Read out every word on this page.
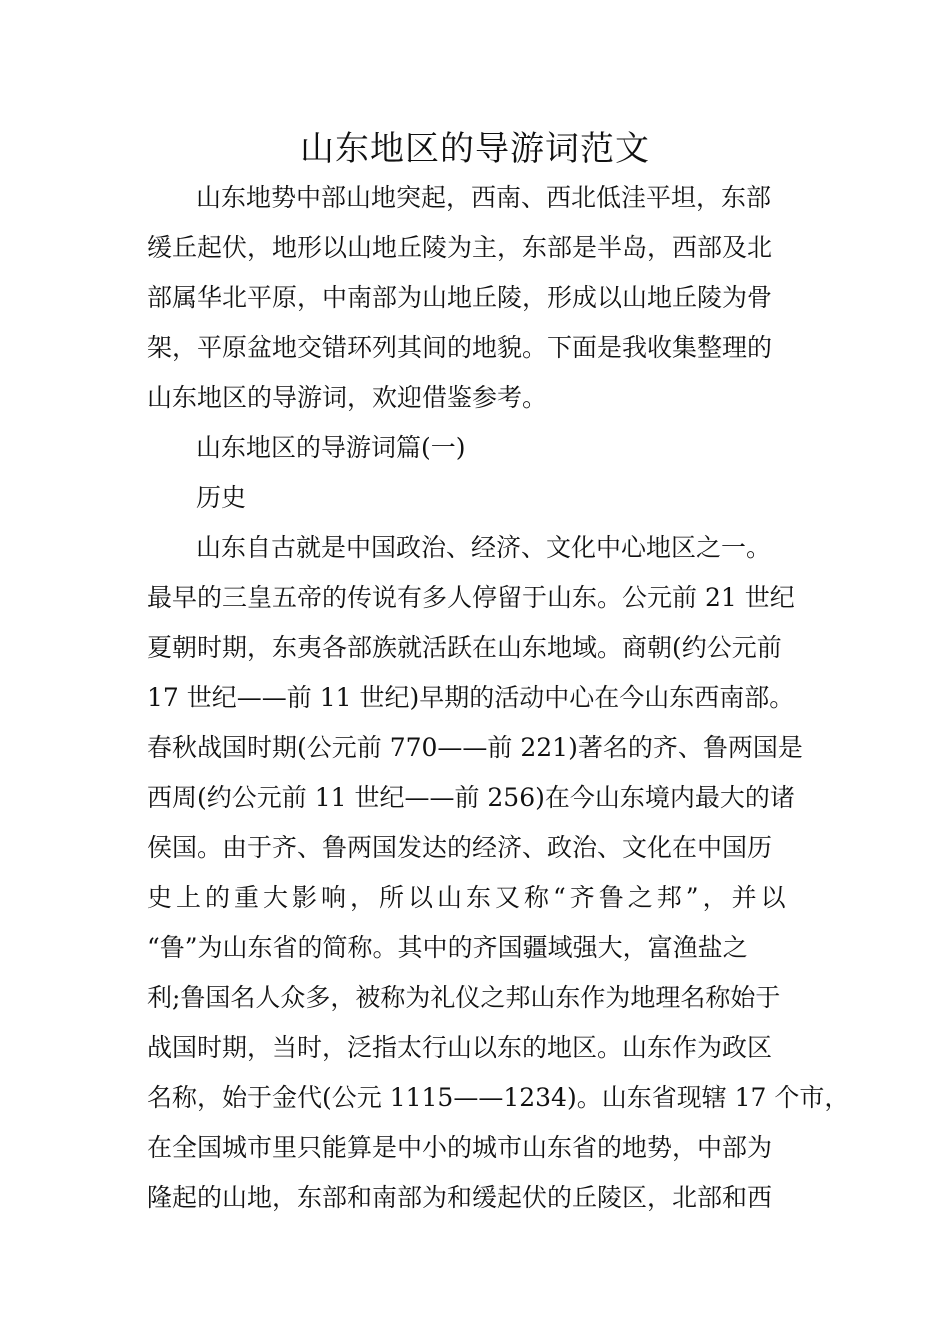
山东地区的导游词范文

山东地势中部山地突起，西南、西北低洼平坦，东部

缓丘起伏，地形以山地丘陵为主，东部是半岛，西部及北

部属华北平原，中南部为山地丘陵，形成以山地丘陵为骨

架，平原盆地交错环列其间的地貌。下面是我收集整理的

山东地区的导游词，欢迎借鉴参考。

山东地区的导游词篇(一)

历史

山东自古就是中国政治、经济、文化中心地区之一。

最早的三皇五帝的传说有多人停留于山东。公元前 21 世纪

夏朝时期，东夷各部族就活跃在山东地域。商朝(约公元前

17 世纪——前 11 世纪)早期的活动中心在今山东西南部。

春秋战国时期(公元前 770——前 221)著名的齐、鲁两国是

西周(约公元前 11 世纪——前 256)在今山东境内最大的诸

侯国。由于齐、鲁两国发达的经济、政治、文化在中国历

史上的重大影响，所以山东又称“齐鲁之邦”，并以

“鲁”为山东省的简称。其中的齐国疆域强大，富渔盐之

利;鲁国名人众多，被称为礼仪之邦山东作为地理名称始于

战国时期，当时，泛指太行山以东的地区。山东作为政区

名称，始于金代(公元 1115——1234)。山东省现辖 17 个市，

在全国城市里只能算是中小的城市山东省的地势，中部为

隆起的山地，东部和南部为和缓起伏的丘陵区，北部和西
